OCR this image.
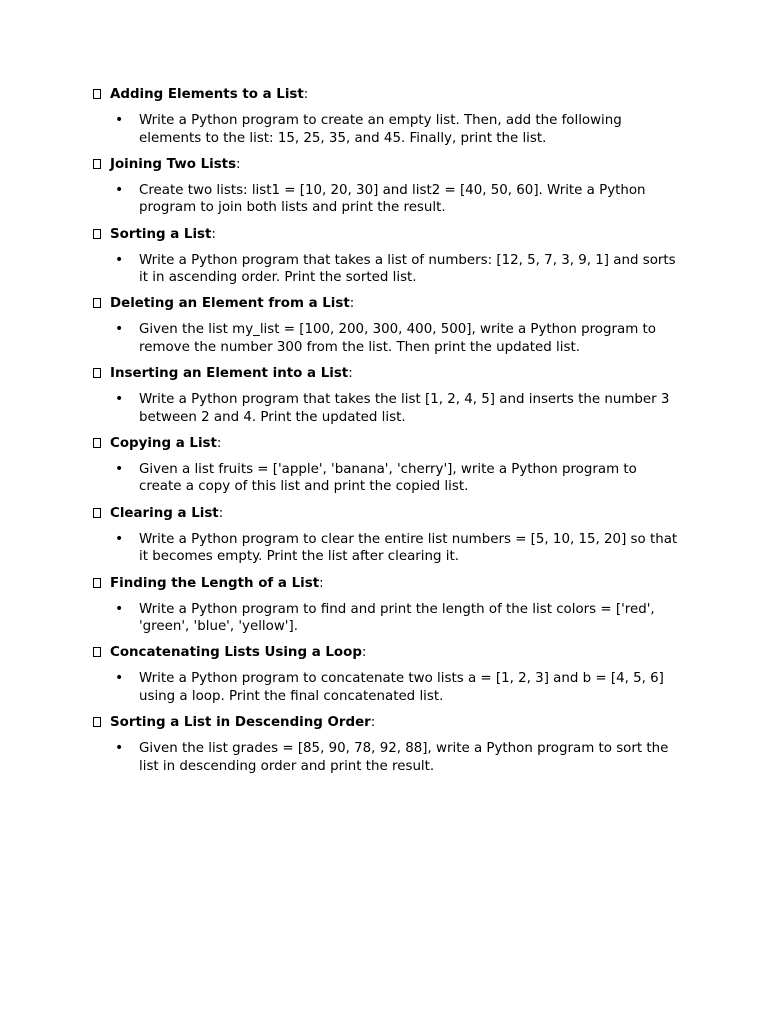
Adding Elements to a List:
• Write a Python program to create an empty list. Then, add the following elements to the list: 15, 25, 35, and 45. Finally, print the list.
Joining Two Lists:
• Create two lists: list1 = [10, 20, 30] and list2 = [40, 50, 60]. Write a Python program to join both lists and print the result.
Sorting a List:
• Write a Python program that takes a list of numbers: [12, 5, 7, 3, 9, 1] and sorts it in ascending order. Print the sorted list.
Deleting an Element from a List:
• Given the list my_list = [100, 200, 300, 400, 500], write a Python program to remove the number 300 from the list. Then print the updated list.
Inserting an Element into a List:
• Write a Python program that takes the list [1, 2, 4, 5] and inserts the number 3 between 2 and 4. Print the updated list.
Copying a List:
• Given a list fruits = ['apple', 'banana', 'cherry'], write a Python program to create a copy of this list and print the copied list.
Clearing a List:
• Write a Python program to clear the entire list numbers = [5, 10, 15, 20] so that it becomes empty. Print the list after clearing it.
Finding the Length of a List:
• Write a Python program to find and print the length of the list colors = ['red', 'green', 'blue', 'yellow'].
Concatenating Lists Using a Loop:
• Write a Python program to concatenate two lists a = [1, 2, 3] and b = [4, 5, 6] using a loop. Print the final concatenated list.
Sorting a List in Descending Order:
• Given the list grades = [85, 90, 78, 92, 88], write a Python program to sort the list in descending order and print the result.
